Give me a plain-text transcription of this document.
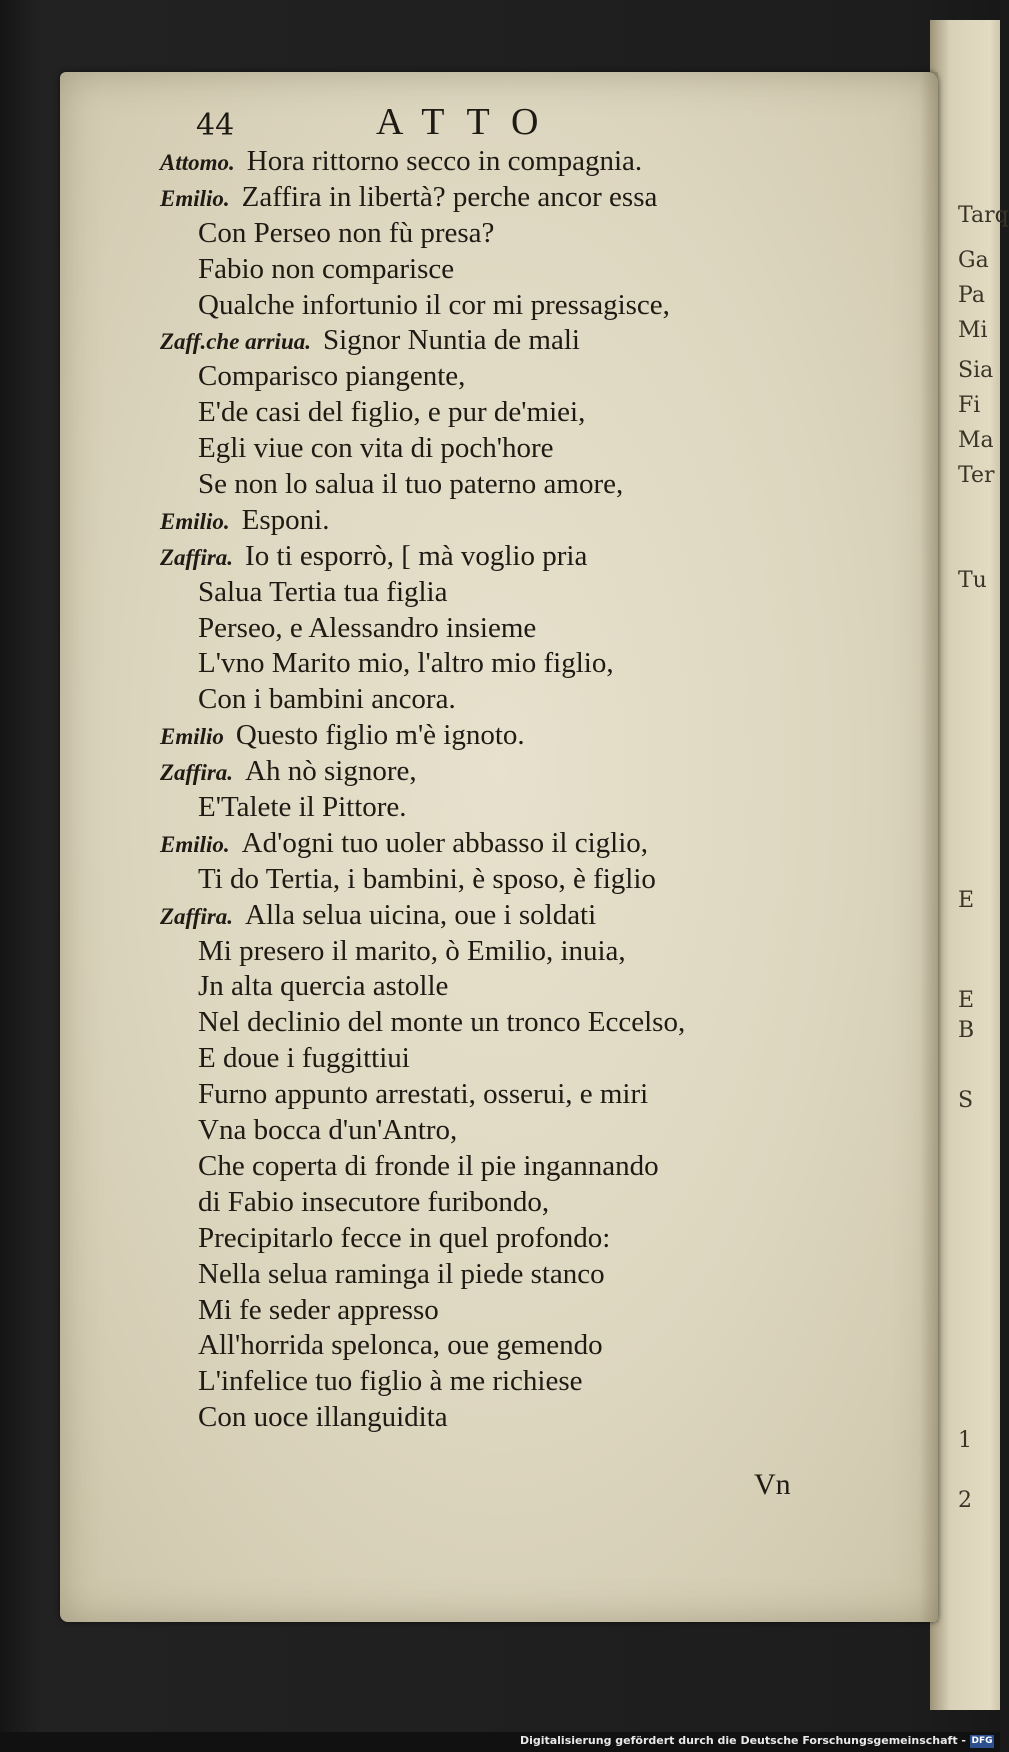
Tarq
Ga
Pa
Mi
Sia
Fi
Ma
Ter
Tu
E
E
B
S
1
2
44	ATTO
Attomo. Hora rittorno secco in compagnia.
Emilio. Zaffira in libertà? perche ancor essa
Con Perseo non fù presa?
Fabio non comparisce
Qualche infortunio il cor mi pressagisce,
Zaff.che arriua. Signor Nuntia de mali
Comparisco piangente,
E'de casi del figlio, e pur de'miei,
Egli viue con vita di poch'hore
Se non lo salua il tuo paterno amore,
Emilio. Esponi.
Zaffira. Io ti esporrò, [ mà voglio pria
Salua Tertia tua figlia
Perseo, e Alessandro insieme
L'vno Marito mio, l'altro mio figlio,
Con i bambini ancora.
Emilio Questo figlio m'è ignoto.
Zaffira. Ah nò signore,
E'Talete il Pittore.
Emilio. Ad'ogni tuo uoler abbasso il ciglio,
Ti do Tertia, i bambini, è sposo, è figlio
Zaffira. Alla selua uicina, oue i soldati
Mi presero il marito, ò Emilio, inuia,
Jn alta quercia astolle
Nel declinio del monte un tronco Eccelso,
E doue i fuggittiui
Furno appunto arrestati, osserui, e miri
Vna bocca d'un'Antro,
Che coperta di fronde il pie ingannando
di Fabio insecutore furibondo,
Precipitarlo fecce in quel profondo:
Nella selua raminga il piede stanco
Mi fe seder appresso
All'horrida spelonca, oue gemendo
L'infelice tuo figlio à me richiese
Con uoce illanguidita
Vn
Digitalisierung gefördert durch die Deutsche Forschungsgemeinschaft - DFG
